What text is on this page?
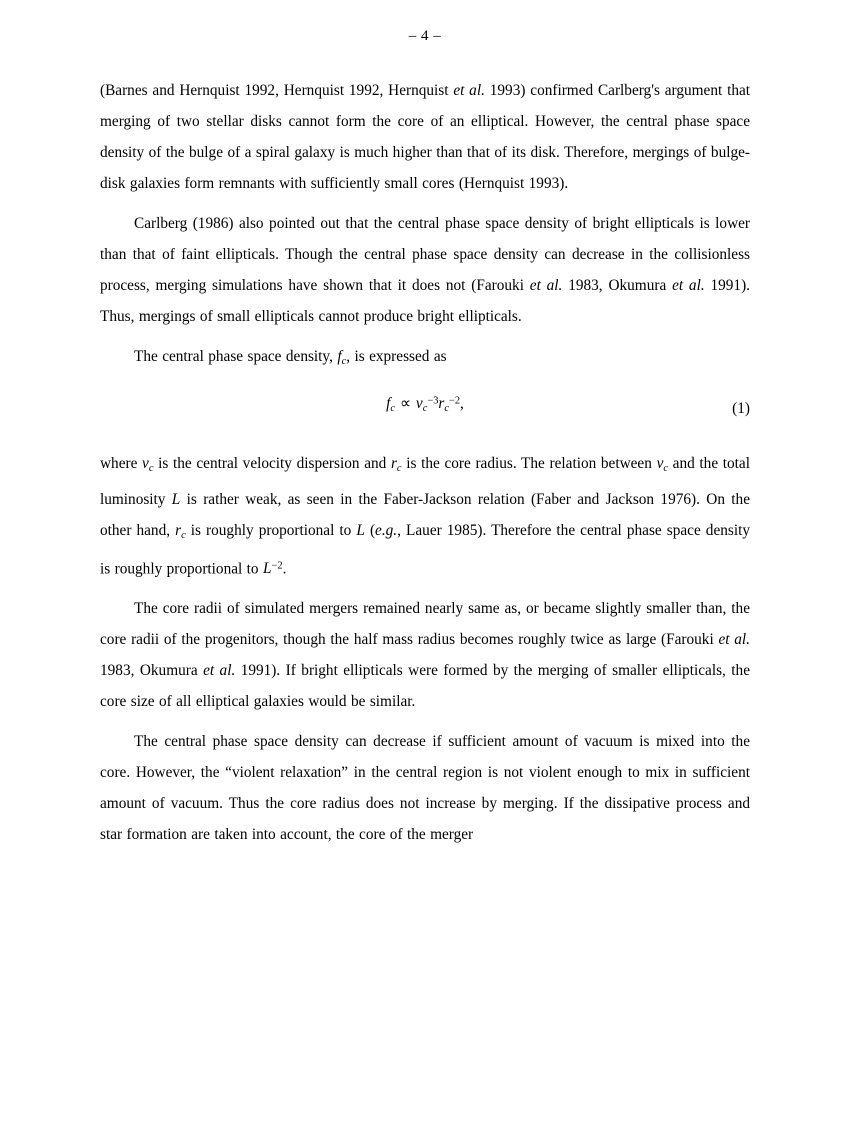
– 4 –

(Barnes and Hernquist 1992, Hernquist 1992, Hernquist et al. 1993) confirmed Carlberg's argument that merging of two stellar disks cannot form the core of an elliptical. However, the central phase space density of the bulge of a spiral galaxy is much higher than that of its disk. Therefore, mergings of bulge-disk galaxies form remnants with sufficiently small cores (Hernquist 1993).

Carlberg (1986) also pointed out that the central phase space density of bright ellipticals is lower than that of faint ellipticals. Though the central phase space density can decrease in the collisionless process, merging simulations have shown that it does not (Farouki et al. 1983, Okumura et al. 1991). Thus, mergings of small ellipticals cannot produce bright ellipticals.

The central phase space density, $f_c$, is expressed as

$f_c \propto v_c^{-3}r_c^{-2}$,	(1)

where $v_c$ is the central velocity dispersion and $r_c$ is the core radius. The relation between $v_c$ and the total luminosity L is rather weak, as seen in the Faber-Jackson relation (Faber and Jackson 1976). On the other hand, $r_c$ is roughly proportional to L (e.g., Lauer 1985). Therefore the central phase space density is roughly proportional to $L^{-2}$.

The core radii of simulated mergers remained nearly same as, or became slightly smaller than, the core radii of the progenitors, though the half mass radius becomes roughly twice as large (Farouki et al. 1983, Okumura et al. 1991). If bright ellipticals were formed by the merging of smaller ellipticals, the core size of all elliptical galaxies would be similar.

The central phase space density can decrease if sufficient amount of vacuum is mixed into the core. However, the “violent relaxation” in the central region is not violent enough to mix in sufficient amount of vacuum. Thus the core radius does not increase by merging. If the dissipative process and star formation are taken into account, the core of the merger
